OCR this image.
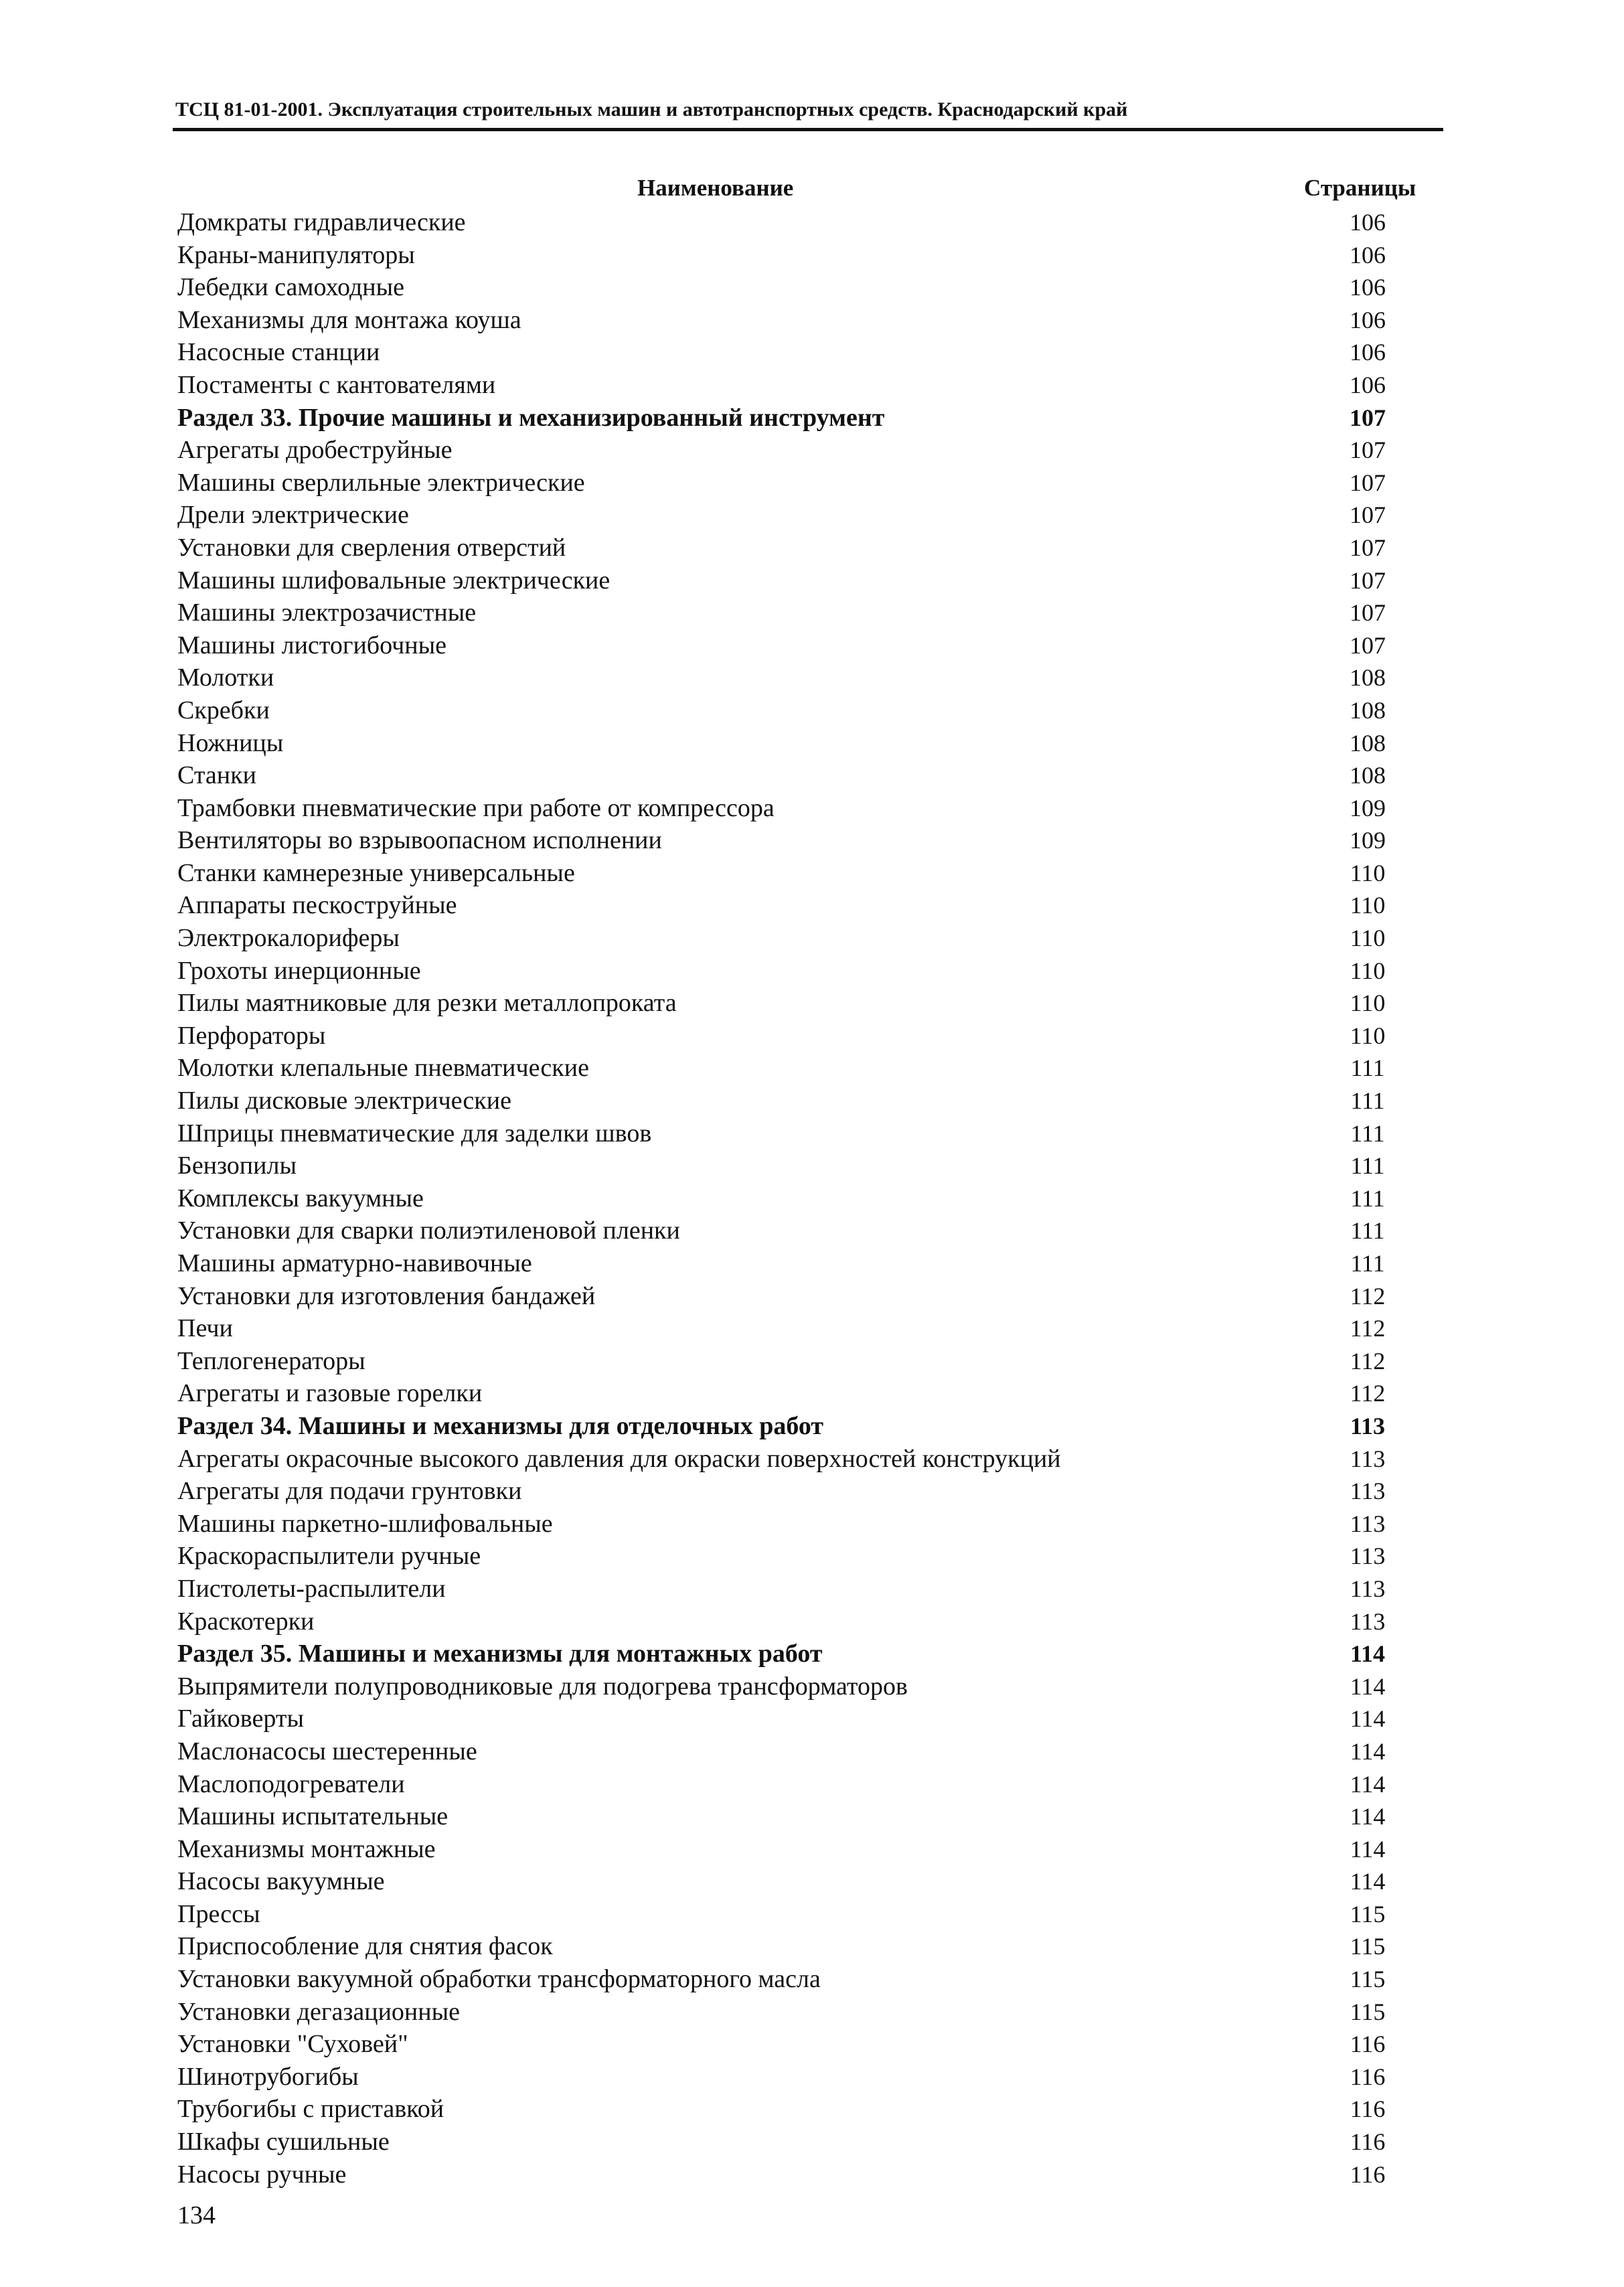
ТСЦ 81-01-2001. Эксплуатация строительных машин и автотранспортных средств. Краснодарский край
Наименование	Страницы
Домкраты гидравлические	106
Краны-манипуляторы	106
Лебедки самоходные	106
Механизмы для монтажа коуша	106
Насосные станции	106
Постаменты с кантователями	106
Раздел 33. Прочие машины и механизированный инструмент	107
Агрегаты дробеструйные	107
Машины сверлильные электрические	107
Дрели электрические	107
Установки для сверления отверстий	107
Машины шлифовальные электрические	107
Машины электрозачистные	107
Машины листогибочные	107
Молотки	108
Скребки	108
Ножницы	108
Станки	108
Трамбовки пневматические при работе от компрессора	109
Вентиляторы во взрывоопасном исполнении	109
Станки камнерезные универсальные	110
Аппараты пескоструйные	110
Электрокалориферы	110
Грохоты инерционные	110
Пилы маятниковые для резки металлопроката	110
Перфораторы	110
Молотки клепальные пневматические	111
Пилы дисковые электрические	111
Шприцы пневматические для заделки швов	111
Бензопилы	111
Комплексы вакуумные	111
Установки для сварки полиэтиленовой пленки	111
Машины арматурно-навивочные	111
Установки для изготовления бандажей	112
Печи	112
Теплогенераторы	112
Агрегаты и газовые горелки	112
Раздел 34. Машины и механизмы для отделочных работ	113
Агрегаты окрасочные высокого давления для окраски поверхностей конструкций	113
Агрегаты для подачи грунтовки	113
Машины паркетно-шлифовальные	113
Краскораспылители ручные	113
Пистолеты-распылители	113
Краскотерки	113
Раздел 35. Машины и механизмы для монтажных работ	114
Выпрямители полупроводниковые для подогрева трансформаторов	114
Гайковерты	114
Маслонасосы шестеренные	114
Маслоподогреватели	114
Машины испытательные	114
Механизмы монтажные	114
Насосы вакуумные	114
Прессы	115
Приспособление для снятия фасок	115
Установки вакуумной обработки трансформаторного масла	115
Установки дегазационные	115
Установки "Суховей"	116
Шинотрубогибы	116
Трубогибы с приставкой	116
Шкафы сушильные	116
Насосы ручные	116
134
